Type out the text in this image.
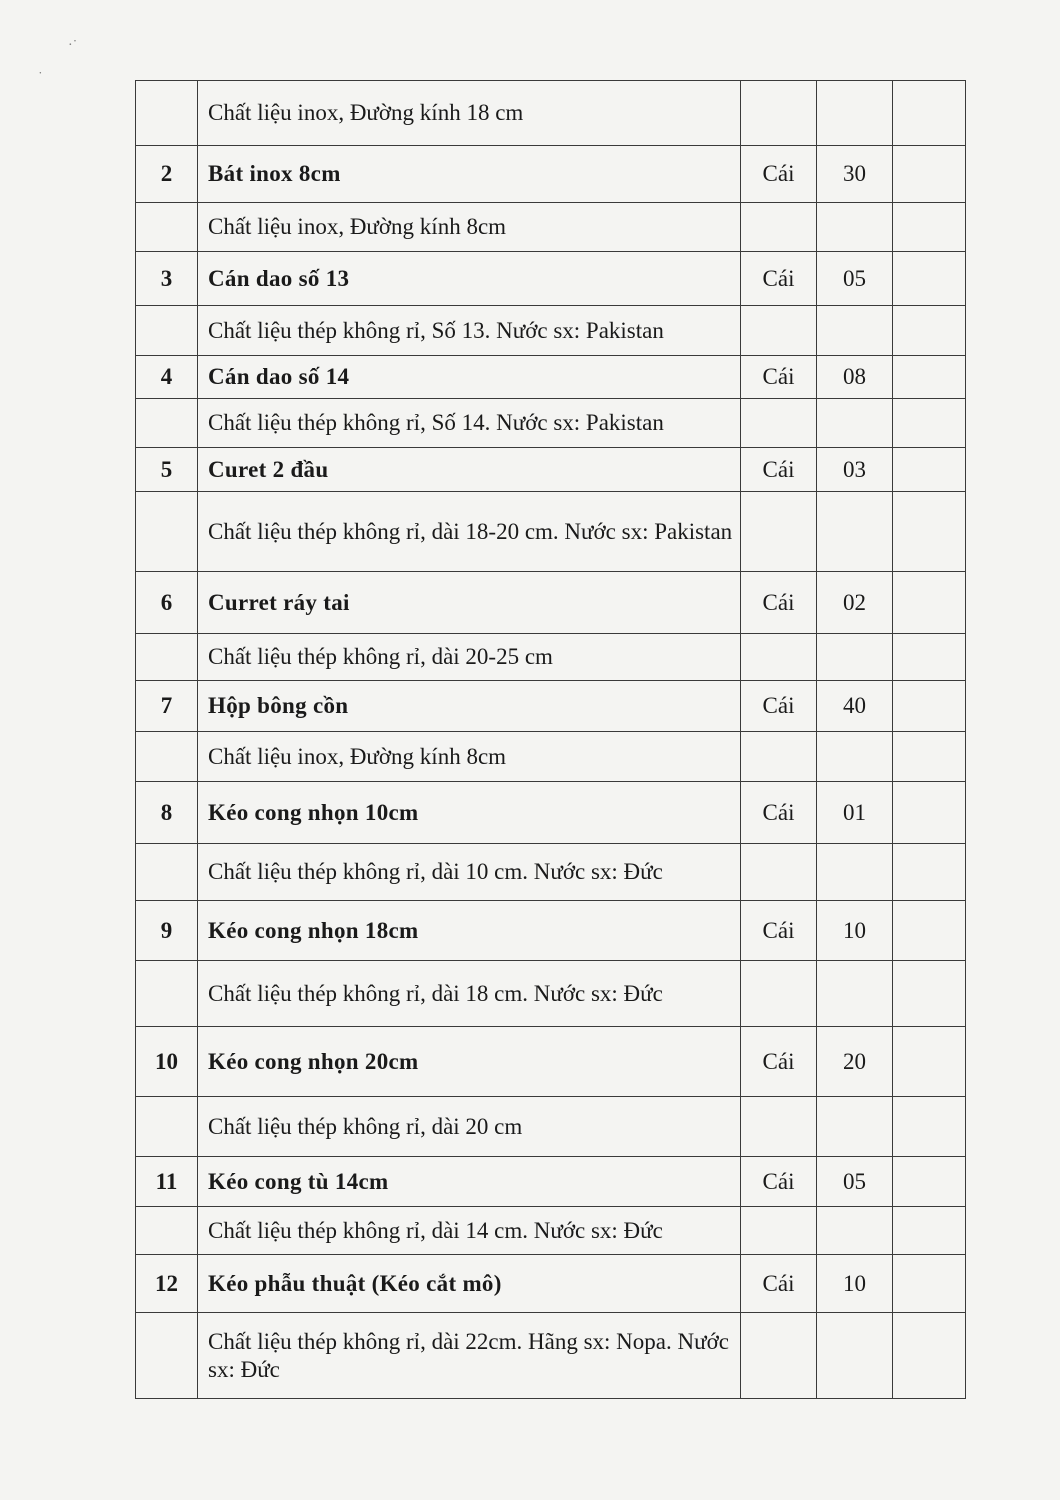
·˙
˙
	Chất liệu inox, Đường kính 18 cm			
2	Bát inox 8cm	Cái	30	
	Chất liệu inox, Đường kính 8cm			
3	Cán dao số 13	Cái	05	
	Chất liệu thép không rỉ, Số 13. Nước sx: Pakistan			
4	Cán dao số 14	Cái	08	
	Chất liệu thép không rỉ, Số 14. Nước sx: Pakistan			
5	Curet 2 đầu	Cái	03	
	Chất liệu thép không rỉ, dài 18-20 cm. Nước sx: Pakistan			
6	Curret ráy tai	Cái	02	
	Chất liệu thép không rỉ, dài 20-25 cm			
7	Hộp bông cồn	Cái	40	
	Chất liệu inox, Đường kính 8cm			
8	Kéo cong nhọn 10cm	Cái	01	
	Chất liệu thép không rỉ, dài 10 cm. Nước sx: Đức			
9	Kéo cong nhọn 18cm	Cái	10	
	Chất liệu thép không rỉ, dài 18 cm. Nước sx: Đức			
10	Kéo cong nhọn 20cm	Cái	20	
	Chất liệu thép không rỉ, dài 20 cm			
11	Kéo cong tù 14cm	Cái	05	
	Chất liệu thép không rỉ, dài 14 cm. Nước sx: Đức			
12	Kéo phẫu thuật (Kéo cắt mô)	Cái	10	
	Chất liệu thép không rỉ, dài 22cm. Hãng sx: Nopa. Nước sx: Đức			
